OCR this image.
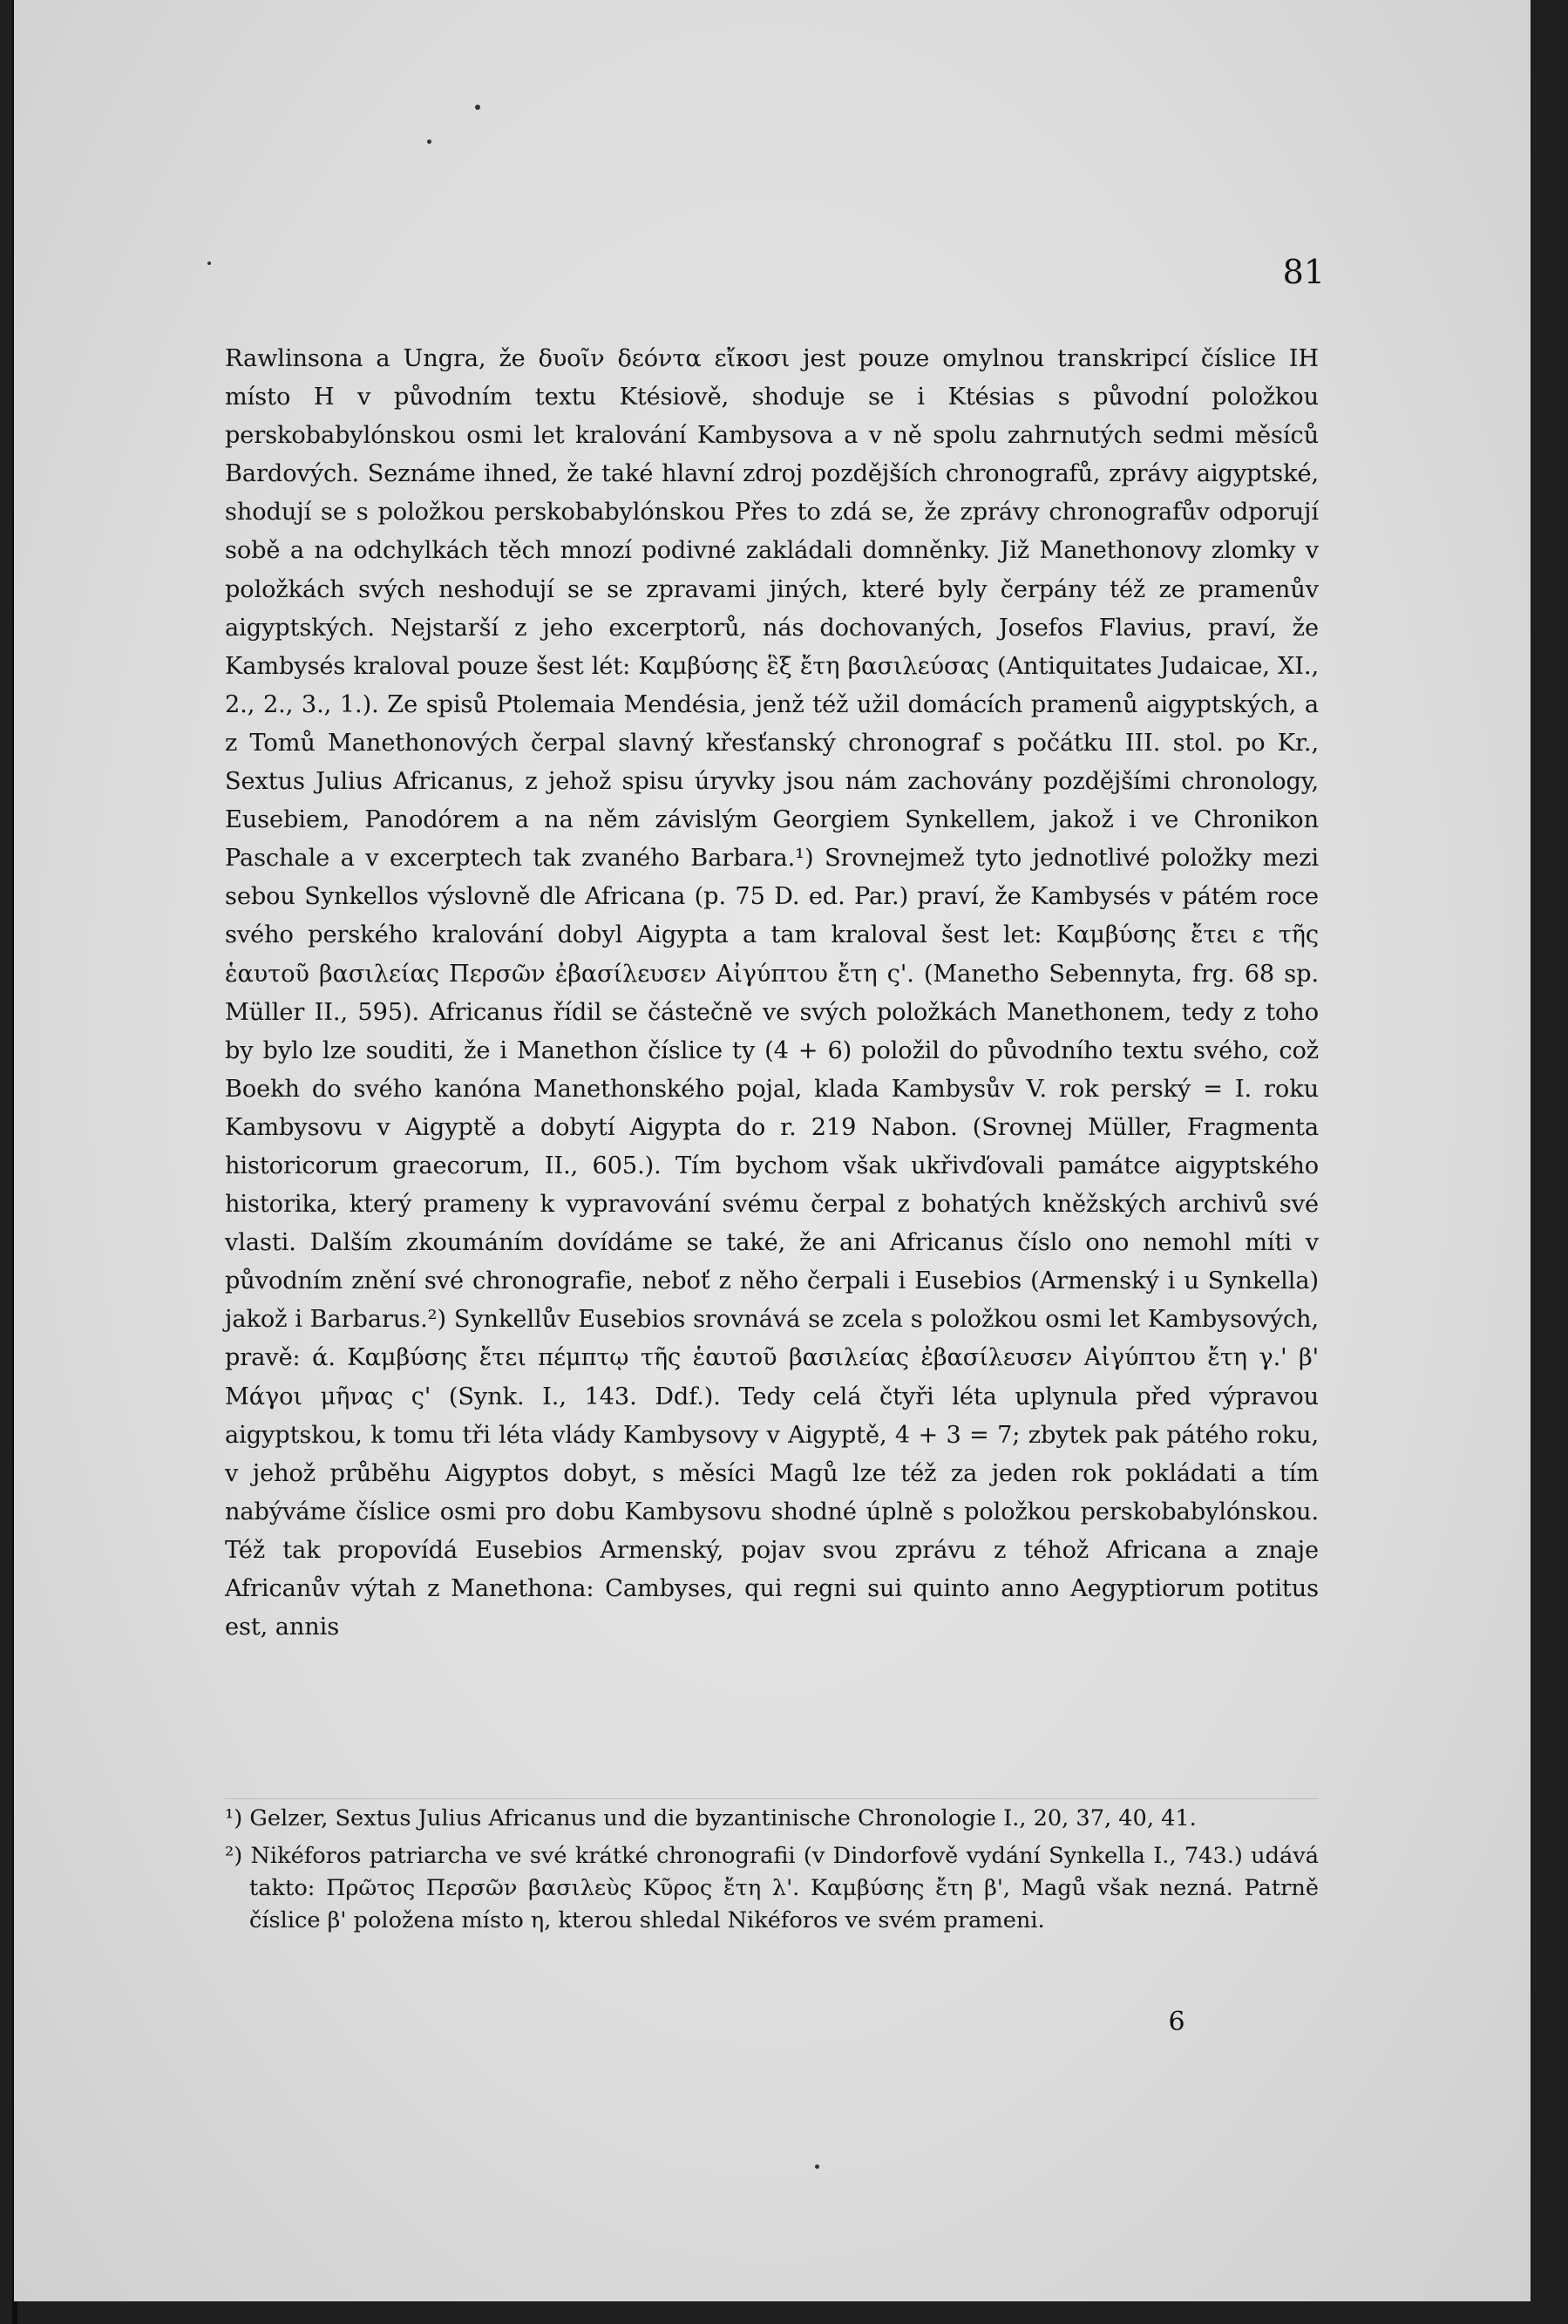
81

Rawlinsona a Ungra, že δυοῖν δεόντα εἴκοσι jest pouze omylnou transkripcí číslice IH místo H v původním textu Ktésiově, shoduje se i Ktésias s původní položkou perskobabylónskou osmi let kralování Kambysova a v ně spolu zahrnutých sedmi měsíců Bardových. Seznáme ihned, že také hlavní zdroj pozdějších chronografů, zprávy aigyptské, shodují se s položkou perskobabylónskou Přes to zdá se, že zprávy chronografův odporují sobě a na odchylkách těch mnozí podivné zakládali domněnky. Již Manethonovy zlomky v položkách svých neshodují se se zpravami jiných, které byly čerpány též ze pramenův aigyptských. Nejstarší z jeho excerptorů, nás dochovaných, Josefos Flavius, praví, že Kambysés kraloval pouze šest lét: Καμβύσης ἓξ ἔτη βασιλεύσας (Antiquitates Judaicae, XI., 2., 2., 3., 1.). Ze spisů Ptolemaia Mendésia, jenž též užil domácích pramenů aigyptských, a z Tomů Manethonových čerpal slavný křesťanský chronograf s počátku III. stol. po Kr., Sextus Julius Africanus, z jehož spisu úryvky jsou nám zachovány pozdějšími chronology, Eusebiem, Panodórem a na něm závislým Georgiem Synkellem, jakož i ve Chronikon Paschale a v excerptech tak zvaného Barbara.¹) Srovnejmež tyto jednotlivé položky mezi sebou Synkellos výslovně dle Africana (p. 75 D. ed. Par.) praví, že Kambysés v pátém roce svého perského kralování dobyl Aigypta a tam kraloval šest let: Καμβύσης ἔτει ε τῆς ἑαυτοῦ βασιλείας Περσῶν ἐβασίλευσεν Αἰγύπτου ἔτη ς'. (Manetho Sebennyta, frg. 68 sp. Müller II., 595). Africanus řídil se částečně ve svých položkách Manethonem, tedy z toho by bylo lze souditi, že i Manethon číslice ty (4 + 6) položil do původního textu svého, což Boekh do svého kanóna Manethonského pojal, klada Kambysův V. rok perský = I. roku Kambysovu v Aigyptě a dobytí Aigypta do r. 219 Nabon. (Srovnej Müller, Fragmenta historicorum graecorum, II., 605.). Tím bychom však ukřivďovali památce aigyptského historika, který prameny k vypravování svému čerpal z bohatých kněžských archivů své vlasti. Dalším zkoumáním dovídáme se také, že ani Africanus číslo ono nemohl míti v původním znění své chronografie, neboť z něho čerpali i Eusebios (Armenský i u Synkella) jakož i Barbarus.²) Synkellův Eusebios srovnává se zcela s položkou osmi let Kambysových, pravě: ά. Καμβύσης ἔτει πέμπτῳ τῆς ἑαυτοῦ βασιλείας ἐβασίλευσεν Αἰγύπτου ἔτη γ.' β' Μάγοι μῆνας ς' (Synk. I., 143. Ddf.). Tedy celá čtyři léta uplynula před výpravou aigyptskou, k tomu tři léta vlády Kambysovy v Aigyptě, 4 + 3 = 7; zbytek pak pátého roku, v jehož průběhu Aigyptos dobyt, s měsíci Magů lze též za jeden rok pokládati a tím nabýváme číslice osmi pro dobu Kambysovu shodné úplně s položkou perskobabylónskou. Též tak propovídá Eusebios Armenský, pojav svou zprávu z téhož Africana a znaje Africanův výtah z Manethona: Cambyses, qui regni sui quinto anno Aegyptiorum potitus est, annis

¹) Gelzer, Sextus Julius Africanus und die byzantinische Chronologie I., 20, 37, 40, 41.

²) Nikéforos patriarcha ve své krátké chronografii (v Dindorfově vydání Synkella I., 743.) udává takto: Πρῶτος Περσῶν βασιλεὺς Κῦρος ἔτη λ'. Καμβύσης ἔτη β', Magů však nezná. Patrně číslice β' položena místo η, kterou shledal Nikéforos ve svém prameni.

6
